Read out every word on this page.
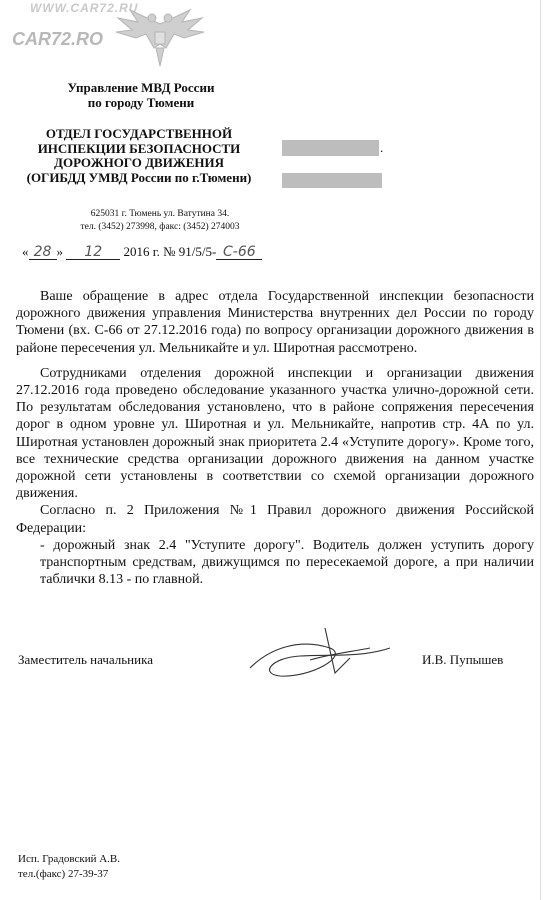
WWW.CAR72.RU
CAR72.RO
Управление МВД России
по городу Тюмени
ОТДЕЛ ГОСУДАРСТВЕННОЙ
ИНСПЕКЦИИ БЕЗОПАСНОСТИ
ДОРОЖНОГО ДВИЖЕНИЯ
(ОГИБДД УМВД России по г.Тюмени)
625031 г. Тюмень ул. Ватутина 34.
тел. (3452) 273998, факс: (3452) 274003
.
« 28 » 12 2016 г. № 91/5/5- С-66

Ваше обращение в адрес отдела Государственной инспекции безопасности дорожного движения управления Министерства внутренних дел России по городу Тюмени (вх. С-66 от 27.12.2016 года) по вопросу организации дорожного движения в районе пересечения ул. Мельникайте и ул. Широтная рассмотрено.

Сотрудниками отделения дорожной инспекции и организации движения 27.12.2016 года проведено обследование указанного участка улично-дорожной сети. По результатам обследования установлено, что в районе сопряжения пересечения дорог в одном уровне ул. Широтная и ул. Мельникайте, напротив стр. 4А по ул. Широтная установлен дорожный знак приоритета 2.4 «Уступите дорогу». Кроме того, все технические средства организации дорожного движения на данном участке дорожной сети установлены в соответствии со схемой организации дорожного движения.

Согласно п. 2 Приложения №1 Правил дорожного движения Российской Федерации:

- дорожный знак 2.4 "Уступите дорогу". Водитель должен уступить дорогу транспортным средствам, движущимся по пересекаемой дороге, а при наличии таблички 8.13 - по главной.

Заместитель начальника	И.В. Пупышев
Исп. Градовский А.В.
тел.(факс) 27-39-37
